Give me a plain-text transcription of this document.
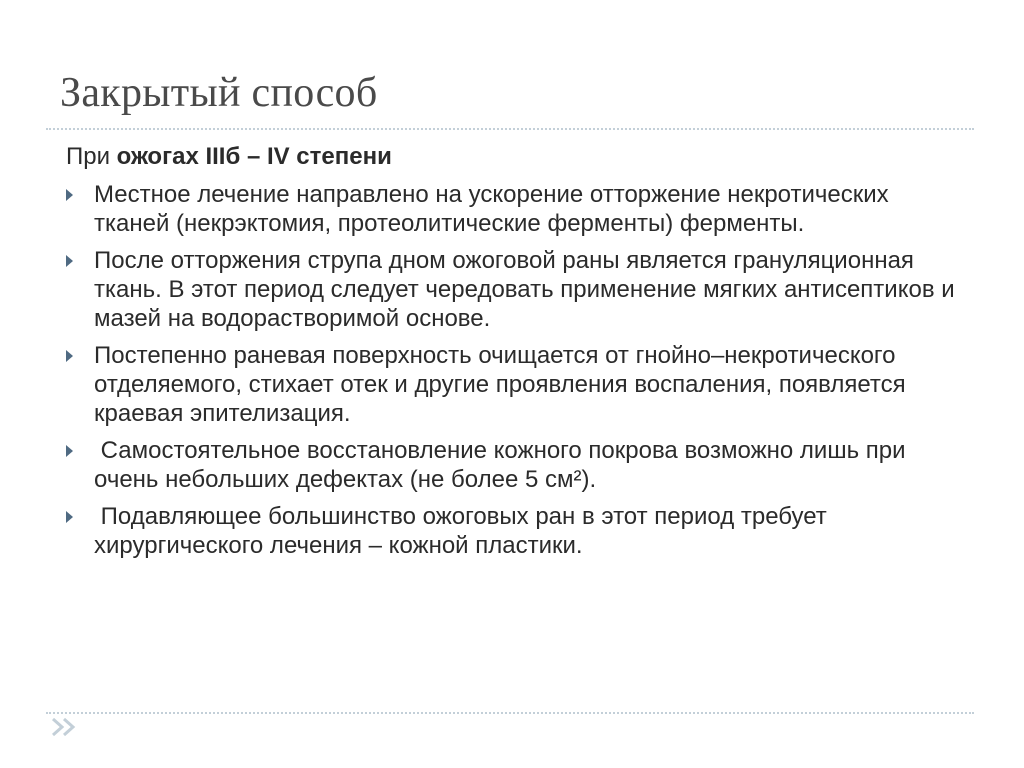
Закрытый способ

При ожогах IIIб – IV степени

Местное лечение направлено на ускорение отторжение некротических тканей (некрэктомия, протеолитические ферменты) ферменты.
После отторжения струпа дном ожоговой раны является грануляционная ткань. В этот период следует чередовать применение мягких антисептиков и мазей на водорастворимой основе.
Постепенно раневая поверхность очищается от гнойно–некротического отделяемого, стихает отек и другие проявления воспаления, появляется краевая эпителизация.
Самостоятельное восстановление кожного покрова возможно лишь при очень небольших дефектах (не более 5 см²).
Подавляющее большинство ожоговых ран в этот период требует хирургического лечения – кожной пластики.
